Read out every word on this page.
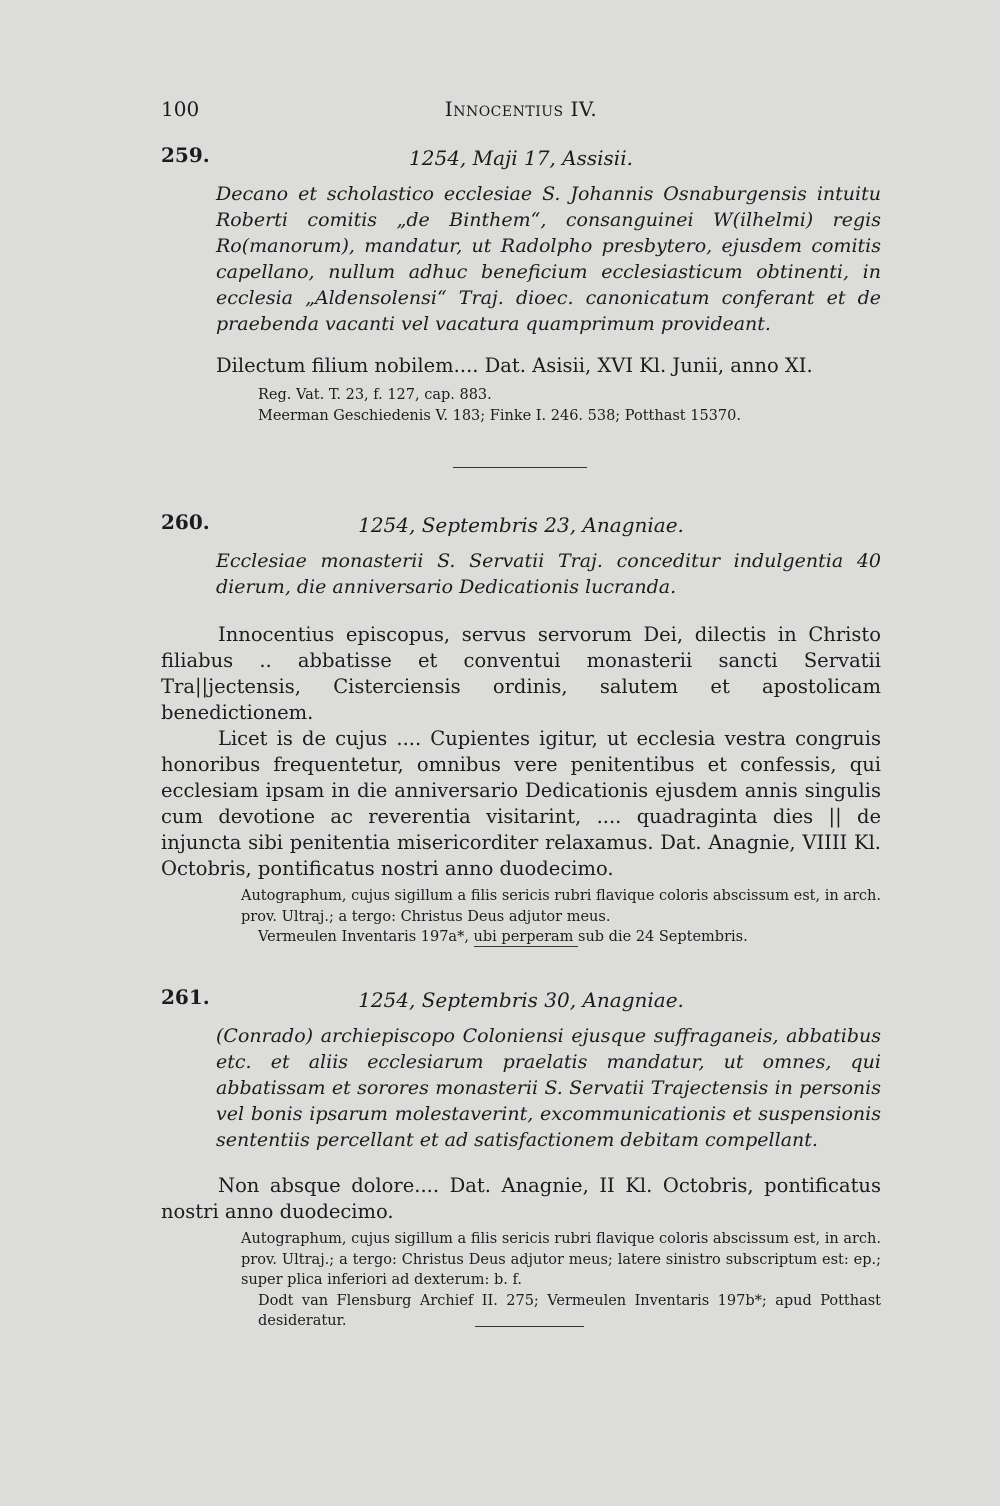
100	Innocentius IV.
259.	1254, Maji 17, Assisii.

Decano et scholastico ecclesiae S. Johannis Osnaburgensis intuitu Roberti comitis „de Binthem“, consanguinei W(ilhelmi) regis Ro(manorum), mandatur, ut Radolpho presbytero, ejusdem comitis capellano, nullum adhuc beneficium ecclesiasticum obtinenti, in ecclesia „Aldensolensi“ Traj. dioec. canonicatum conferant et de praebenda vacanti vel vacatura quamprimum provideant.

Dilectum filium nobilem.... Dat. Asisii, XVI Kl. Junii, anno XI.

Reg. Vat. T. 23, f. 127, cap. 883.

Meerman Geschiedenis V. 183; Finke I. 246. 538; Potthast 15370.

260.	1254, Septembris 23, Anagniae.

Ecclesiae monasterii S. Servatii Traj. conceditur indulgentia 40 dierum, die anniversario Dedicationis lucranda.

Innocentius episcopus, servus servorum Dei, dilectis in Christo filiabus .. abbatisse et conventui monasterii sancti Servatii Tra||jectensis, Cisterciensis ordinis, salutem et apostolicam benedictionem.

Licet is de cujus .... Cupientes igitur, ut ecclesia vestra congruis honoribus frequentetur, omnibus vere penitentibus et confessis, qui ecclesiam ipsam in die anniversario Dedicationis ejusdem annis singulis cum devotione ac reverentia visitarint, .... quadraginta dies || de injuncta sibi penitentia misericorditer relaxamus. Dat. Anagnie, VIIII Kl. Octobris, pontificatus nostri anno duodecimo.

Autographum, cujus sigillum a filis sericis rubri flavique coloris abscissum est, in arch. prov. Ultraj.; a tergo: Christus Deus adjutor meus.

Vermeulen Inventaris 197a*, ubi perperam sub die 24 Septembris.

261.	1254, Septembris 30, Anagniae.

(Conrado) archiepiscopo Coloniensi ejusque suffraganeis, abbatibus etc. et aliis ecclesiarum praelatis mandatur, ut omnes, qui abbatissam et sorores monasterii S. Servatii Trajectensis in personis vel bonis ipsarum molestaverint, excommunicationis et suspensionis sententiis percellant et ad satisfactionem debitam compellant.

Non absque dolore.... Dat. Anagnie, II Kl. Octobris, pontificatus nostri anno duodecimo.

Autographum, cujus sigillum a filis sericis rubri flavique coloris abscissum est, in arch. prov. Ultraj.; a tergo: Christus Deus adjutor meus; latere sinistro subscriptum est: ep.; super plica inferiori ad dexterum: b. f.

Dodt van Flensburg Archief II. 275; Vermeulen Inventaris 197b*; apud Potthast desideratur.
